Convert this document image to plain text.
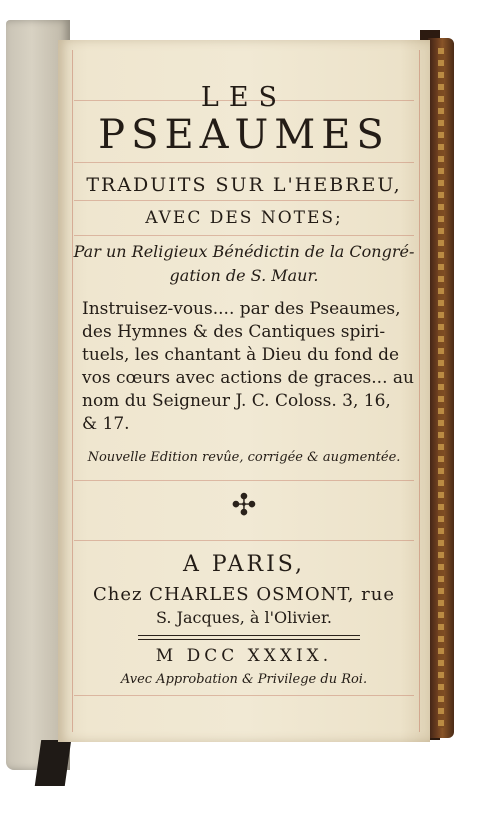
LES
PSEAUMES
TRADUITS SUR L'HEBREU,
AVEC DES NOTES;
Par un Religieux Bénédictin de la Congré-
gation de S. Maur.
Instruisez-vous.... par des Pseaumes,
des Hymnes & des Cantiques spiri-
tuels, les chantant à Dieu du fond de
vos cœurs avec actions de graces... au
nom du Seigneur J. C. Coloss. 3, 16,
& 17.
Nouvelle Edition revûe, corrigée & augmentée.
✣
A PARIS,
Chez CHARLES OSMONT, rue
S. Jacques, à l'Olivier.
M DCC XXXIX.
Avec Approbation & Privilege du Roi.
